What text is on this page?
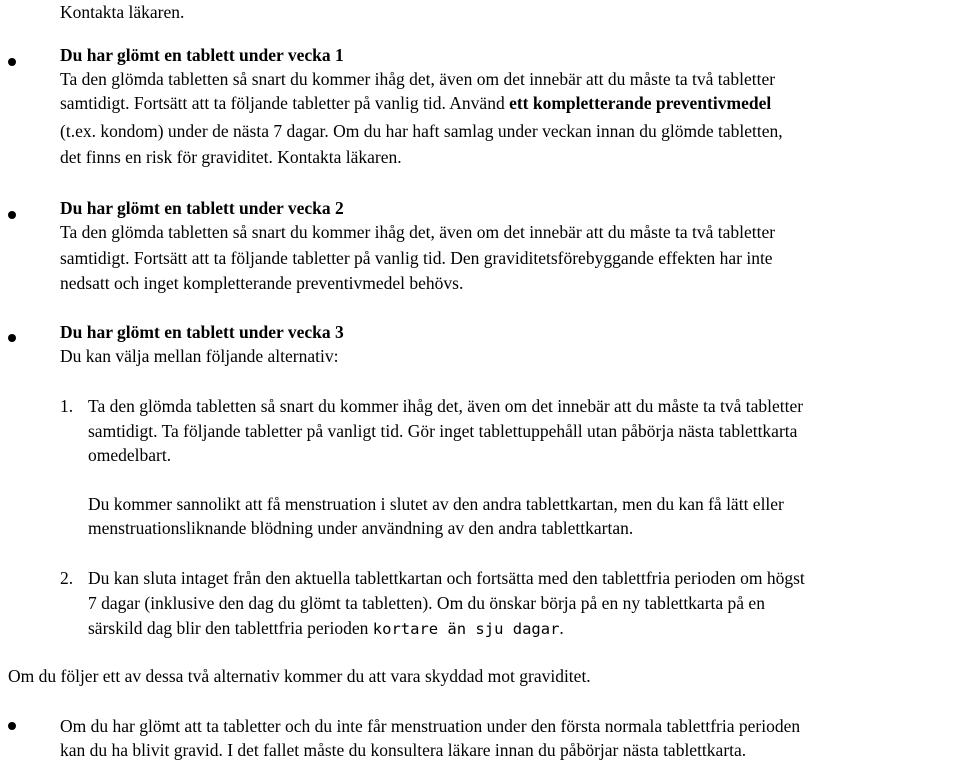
Kontakta läkaren.
Du har glömt en tablett under vecka 1
Ta den glömda tabletten så snart du kommer ihåg det, även om det innebär att du måste ta två tabletter
samtidigt. Fortsätt att ta följande tabletter på vanlig tid. Använd ett kompletterande preventivmedel
(t.ex. kondom) under de nästa 7 dagar. Om du har haft samlag under veckan innan du glömde tabletten,
det finns en risk för graviditet. Kontakta läkaren.
Du har glömt en tablett under vecka 2
Ta den glömda tabletten så snart du kommer ihåg det, även om det innebär att du måste ta två tabletter
samtidigt. Fortsätt att ta följande tabletter på vanlig tid. Den graviditetsförebyggande effekten har inte
nedsatt och inget kompletterande preventivmedel behövs.
Du har glömt en tablett under vecka 3
Du kan välja mellan följande alternativ:
1. Ta den glömda tabletten så snart du kommer ihåg det, även om det innebär att du måste ta två tabletter
samtidigt. Ta följande tabletter på vanligt tid. Gör inget tablettuppehåll utan påbörja nästa tablettkarta
omedelbart.
Du kommer sannolikt att få menstruation i slutet av den andra tablettkartan, men du kan få lätt eller
menstruationsliknande blödning under användning av den andra tablettkartan.
2. Du kan sluta intaget från den aktuella tablettkartan och fortsätta med den tablettfria perioden om högst
7 dagar (inklusive den dag du glömt ta tabletten). Om du önskar börja på en ny tablettkarta på en
särskild dag blir den tablettfria perioden kortare än sju dagar.
Om du följer ett av dessa två alternativ kommer du att vara skyddad mot graviditet.
Om du har glömt att ta tabletter och du inte får menstruation under den första normala tablettfria perioden
kan du ha blivit gravid. I det fallet måste du konsultera läkare innan du påbörjar nästa tablettkarta.
